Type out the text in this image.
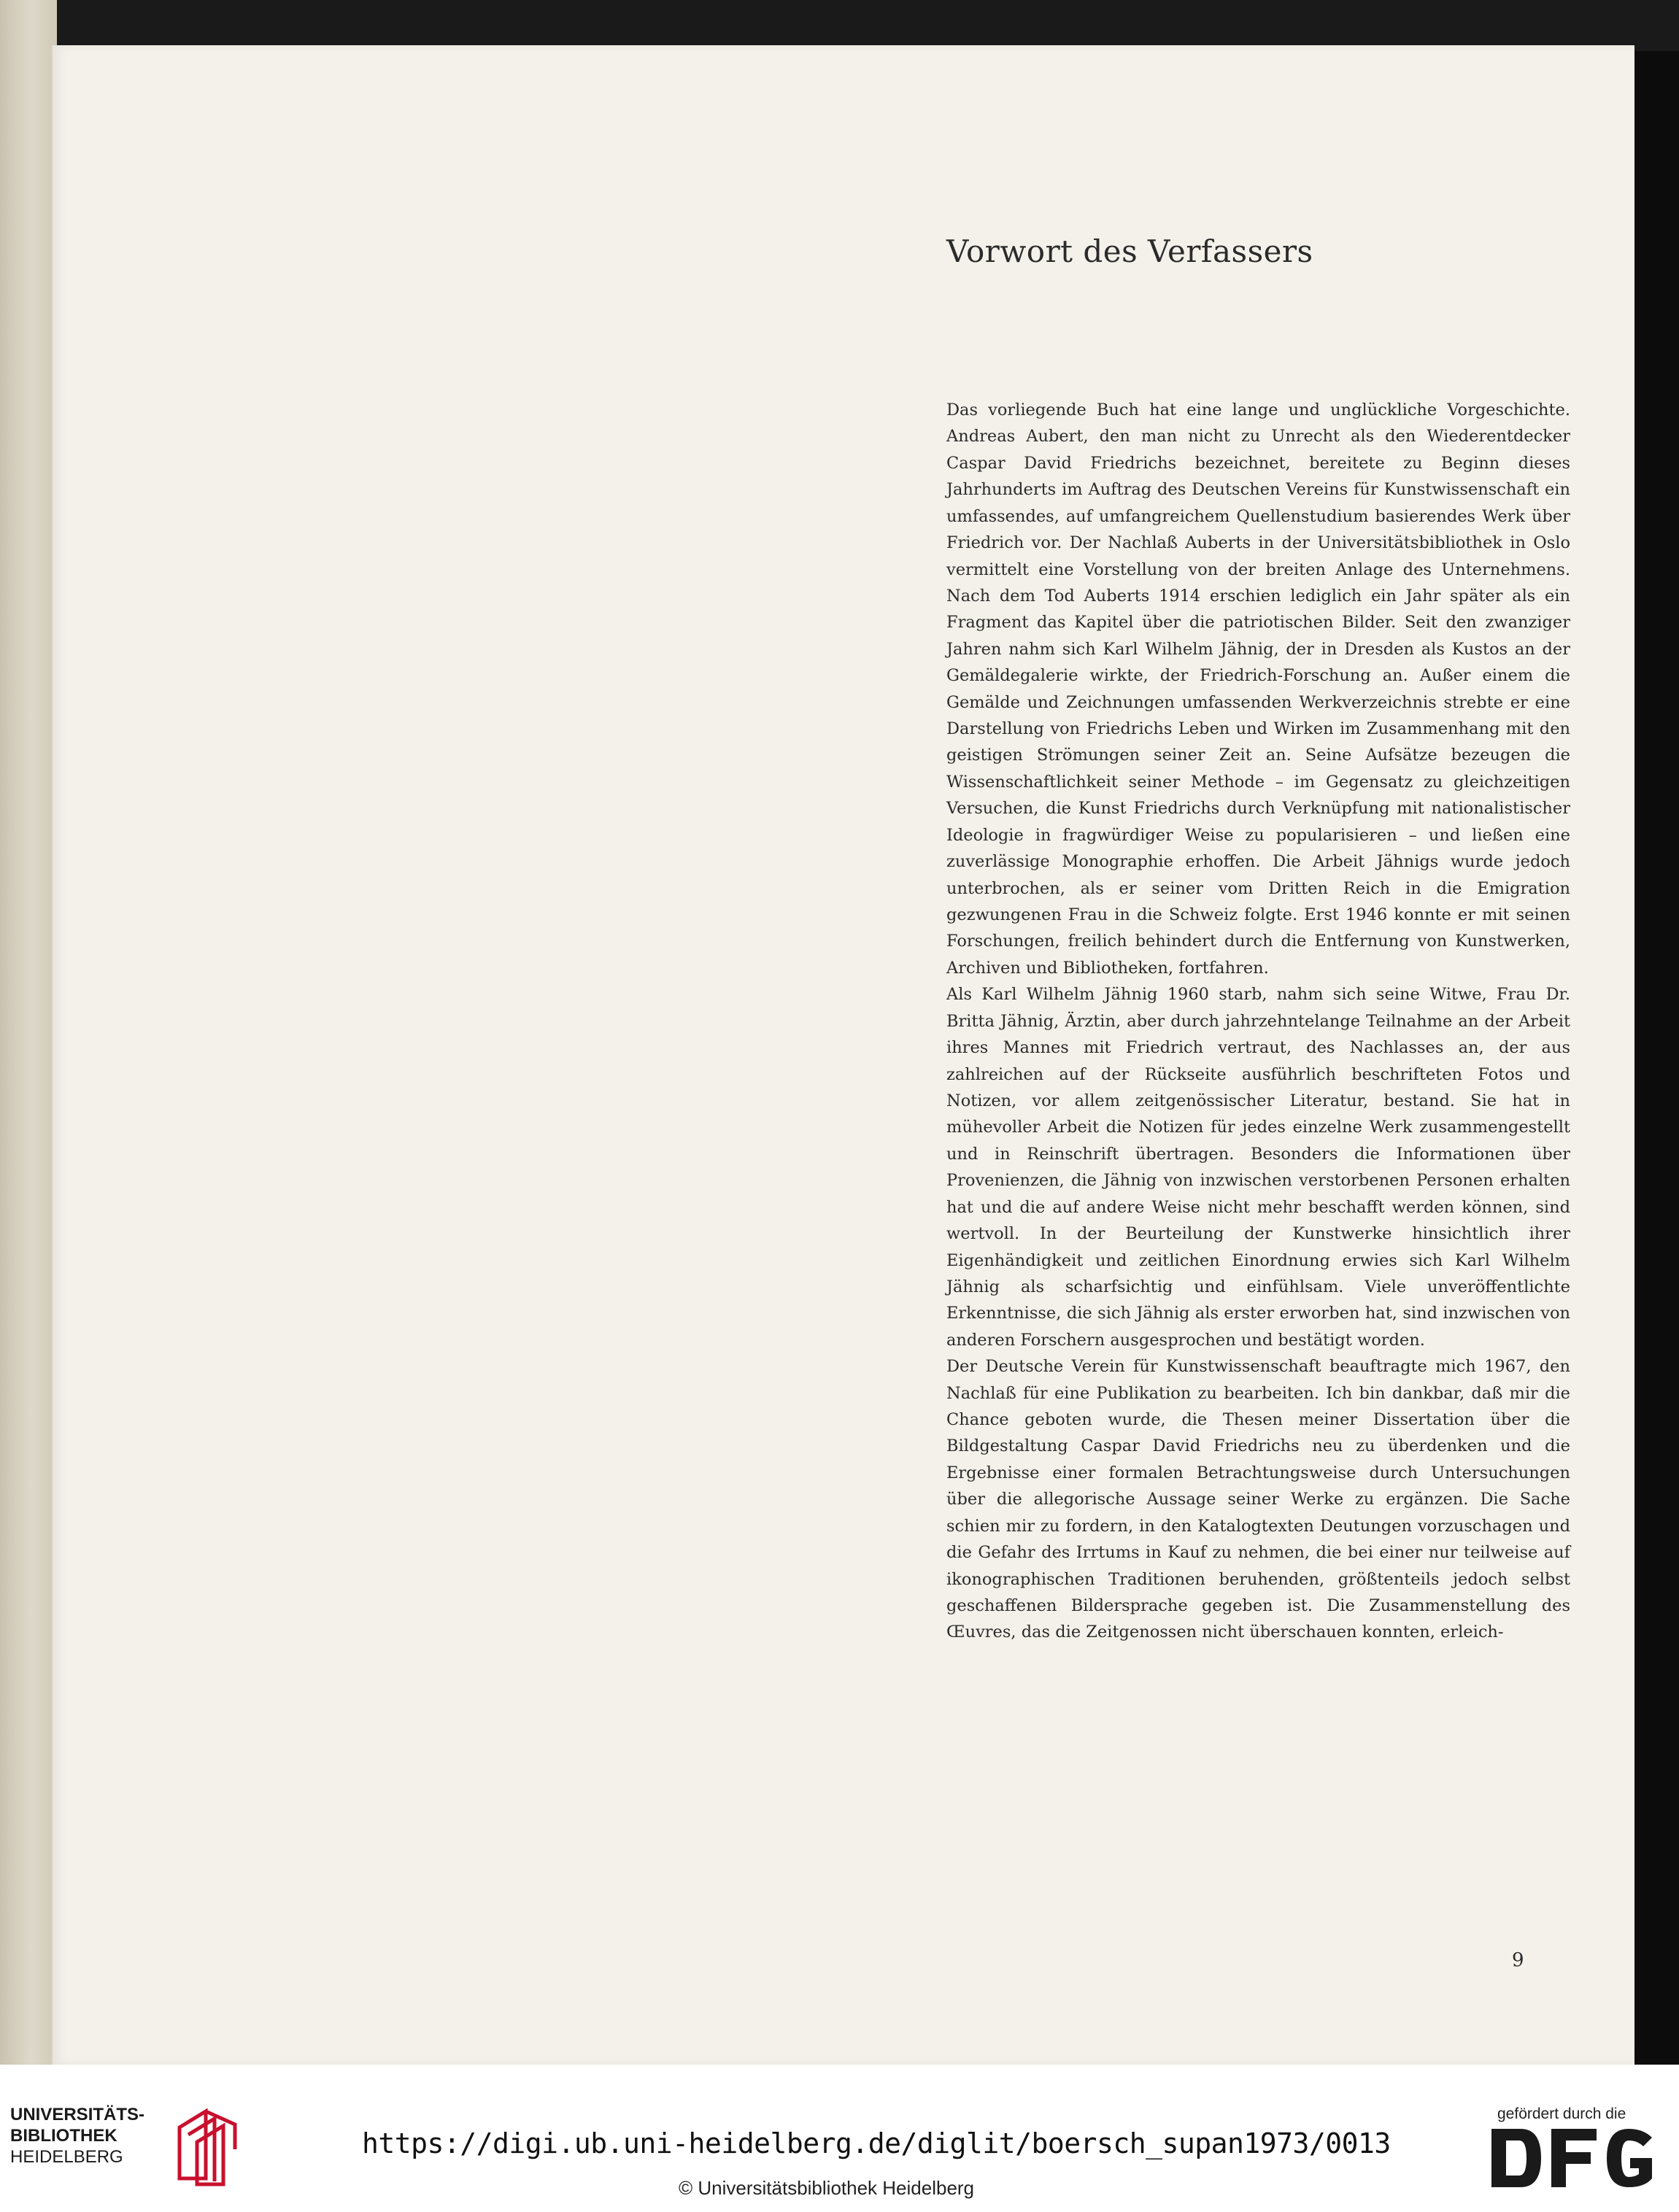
Vorwort des Verfassers

Das vorliegende Buch hat eine lange und unglückliche Vorgeschichte. Andreas Aubert, den man nicht zu Unrecht als den Wiederentdecker Caspar David Friedrichs bezeichnet, bereitete zu Beginn dieses Jahrhunderts im Auftrag des Deutschen Vereins für Kunstwissenschaft ein umfassendes, auf umfangreichem Quellenstudium basierendes Werk über Friedrich vor. Der Nachlaß Auberts in der Universitätsbibliothek in Oslo vermittelt eine Vorstellung von der breiten Anlage des Unternehmens. Nach dem Tod Auberts 1914 erschien lediglich ein Jahr später als ein Fragment das Kapitel über die patriotischen Bilder. Seit den zwanziger Jahren nahm sich Karl Wilhelm Jähnig, der in Dresden als Kustos an der Gemäldegalerie wirkte, der Friedrich-Forschung an. Außer einem die Gemälde und Zeichnungen umfassenden Werkverzeichnis strebte er eine Darstellung von Friedrichs Leben und Wirken im Zusammenhang mit den geistigen Strömungen seiner Zeit an. Seine Aufsätze bezeugen die Wissenschaftlichkeit seiner Methode – im Gegensatz zu gleichzeitigen Versuchen, die Kunst Friedrichs durch Verknüpfung mit nationalistischer Ideologie in fragwürdiger Weise zu popularisieren – und ließen eine zuverlässige Monographie erhoffen. Die Arbeit Jähnigs wurde jedoch unterbrochen, als er seiner vom Dritten Reich in die Emigration gezwungenen Frau in die Schweiz folgte. Erst 1946 konnte er mit seinen Forschungen, freilich behindert durch die Entfernung von Kunstwerken, Archiven und Bibliotheken, fortfahren.

Als Karl Wilhelm Jähnig 1960 starb, nahm sich seine Witwe, Frau Dr. Britta Jähnig, Ärztin, aber durch jahrzehntelange Teilnahme an der Arbeit ihres Mannes mit Friedrich vertraut, des Nachlasses an, der aus zahlreichen auf der Rückseite ausführlich beschrifteten Fotos und Notizen, vor allem zeitgenössischer Literatur, bestand. Sie hat in mühevoller Arbeit die Notizen für jedes einzelne Werk zusammengestellt und in Reinschrift übertragen. Besonders die Informationen über Provenienzen, die Jähnig von inzwischen verstorbenen Personen erhalten hat und die auf andere Weise nicht mehr beschafft werden können, sind wertvoll. In der Beurteilung der Kunstwerke hinsichtlich ihrer Eigenhändigkeit und zeitlichen Einordnung erwies sich Karl Wilhelm Jähnig als scharfsichtig und einfühlsam. Viele unveröffentlichte Erkenntnisse, die sich Jähnig als erster erworben hat, sind inzwischen von anderen Forschern ausgesprochen und bestätigt worden.

Der Deutsche Verein für Kunstwissenschaft beauftragte mich 1967, den Nachlaß für eine Publikation zu bearbeiten. Ich bin dankbar, daß mir die Chance geboten wurde, die Thesen meiner Dissertation über die Bildgestaltung Caspar David Friedrichs neu zu überdenken und die Ergebnisse einer formalen Betrachtungsweise durch Untersuchungen über die allegorische Aussage seiner Werke zu ergänzen. Die Sache schien mir zu fordern, in den Katalogtexten Deutungen vorzuschagen und die Gefahr des Irrtums in Kauf zu nehmen, die bei einer nur teilweise auf ikonographischen Traditionen beruhenden, größtenteils jedoch selbst geschaffenen Bildersprache gegeben ist. Die Zusammenstellung des Œuvres, das die Zeitgenossen nicht überschauen konnten, erleich-

9
UNIVERSITÄTS-
BIBLIOTHEK
HEIDELBERG	https://digi.ub.uni-heidelberg.de/diglit/boersch_supan1973/0013
© Universitätsbibliothek Heidelberg
gefördert durch die
